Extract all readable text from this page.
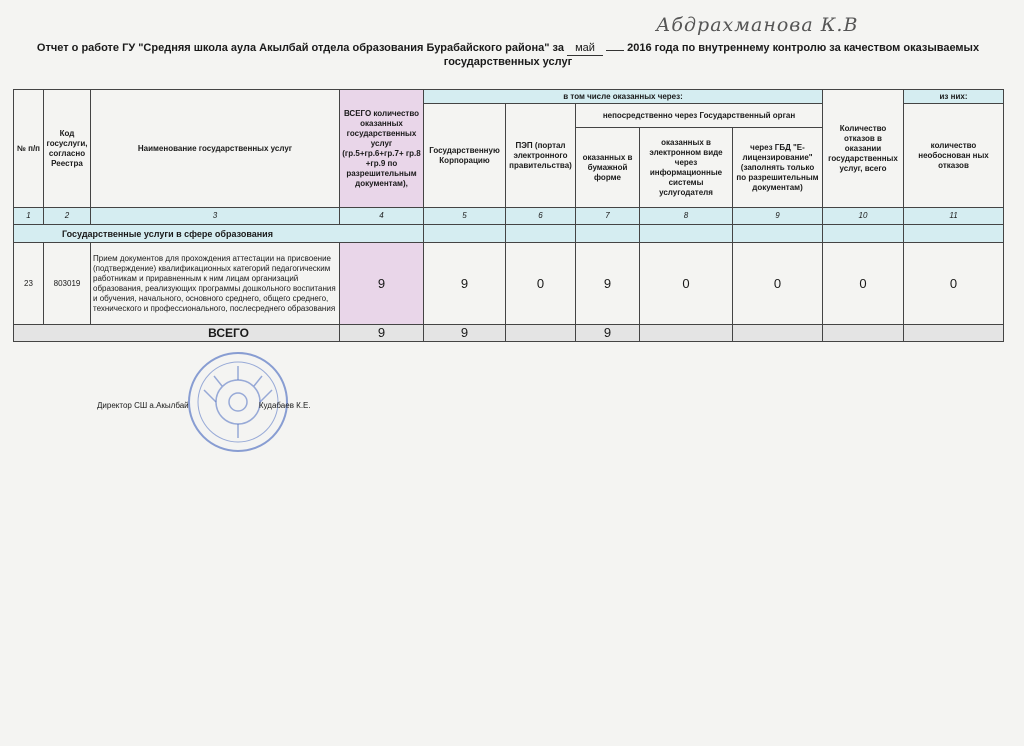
Абдрахманова К.В
Отчет о работе ГУ "Средняя школа аула Акылбай отдела образования Бурабайского района" за май	2016 года по внутреннему контролю за качеством оказываемых
государственных услуг
№ п/п	Код госуслуги, согласно Реестра	Наименование государственных услуг	ВСЕГО количество оказанных государственных услуг (гр.5+гр.6+гр.7+ гр.8 +гр.9 по разрешительным документам),	в том числе оказанных через:					Количество отказов в оказании государственных услуг, всего	из них:
				Государственную Корпорацию	ПЭП (портал электронного правительства)	непосредственно через Государственный орган				количество необоснован ных отказов
						оказанных в бумажной форме	оказанных в электронном виде через информационные системы услугодателя	через ГБД "Е-лицензирование" (заполнять только по разрешительным документам)		
1	2	3	4	5	6	7	8	9	10	11
Государственные услуги в сфере образования										
23	803019	Прием документов для прохождения аттестации на присвоение (подтверждение) квалификационных категорий педагогическим работникам и приравненным к ним лицам организаций образования, реализующих программы дошкольного воспитания и обучения, начального, основного среднего, общего среднего, технического и профессионального, послесреднего образования	9	9	0	9	0	0	0	0
ВСЕГО			9	9		9				
Директор СШ а.Акылбай	Кудабаев К.Е.
